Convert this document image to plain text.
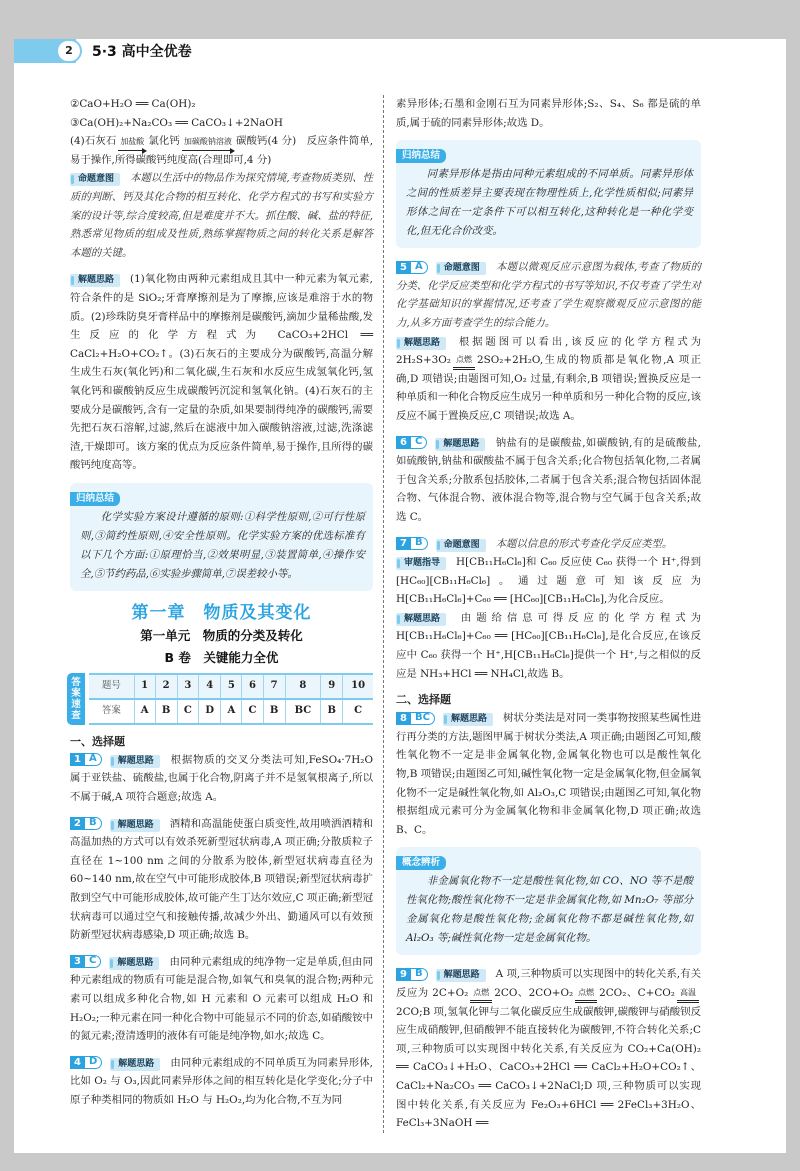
2	5·3 高中全优卷

②CaO+H₂O ══ Ca(OH)₂

③Ca(OH)₂+Na₂CO₃ ══ CaCO₃↓+2NaOH

(4)石灰石 加盐酸 氯化钙 加碳酸钠溶液 碳酸钙(4 分)　反应条件简单,易于操作,所得碳酸钙纯度高(合理即可,4 分)

命题意图 本题以生活中的物品作为探究情境,考查物质类别、性质的判断、钙及其化合物的相互转化、化学方程式的书写和实验方案的设计等,综合度较高,但是难度并不大。抓住酸、碱、盐的特征,熟悉常见物质的组成及性质,熟练掌握物质之间的转化关系是解答本题的关键。

解题思路 (1)氧化物由两种元素组成且其中一种元素为氧元素,符合条件的是 SiO₂;牙膏摩擦剂是为了摩擦,应该是难溶于水的物质。(2)珍珠防臭牙膏样品中的摩擦剂是碳酸钙,滴加少量稀盐酸,发生反应的化学方程式为 CaCO₃+2HCl ══ CaCl₂+H₂O+CO₂↑。(3)石灰石的主要成分为碳酸钙,高温分解生成生石灰(氧化钙)和二氧化碳,生石灰和水反应生成氢氧化钙,氢氧化钙和碳酸钠反应生成碳酸钙沉淀和氢氧化钠。(4)石灰石的主要成分是碳酸钙,含有一定量的杂质,如果要制得纯净的碳酸钙,需要先把石灰石溶解,过滤,然后在滤液中加入碳酸钠溶液,过滤,洗涤滤渣,干燥即可。该方案的优点为反应条件简单,易于操作,且所得的碳酸钙纯度高等。

归纳总结

化学实验方案设计遵循的原则:①科学性原则,②可行性原则,③简约性原则,④安全性原则。化学实验方案的优选标准有以下几个方面:①原理恰当,②效果明显,③装置简单,④操作安全,⑤节约药品,⑥实验步骤简单,⑦误差较小等。

第一章　物质及其变化
第一单元　物质的分类及转化
B 卷　关键能力全优
答
案
速
查
题号	1	2	3	4	5	6	7	8	9	10
答案	A	B	C	D	A	C	B	BC	B	C
一、选择题

1 A	解题思路 根据物质的交叉分类法可知,FeSO₄·7H₂O 属于亚铁盐、硫酸盐,也属于化合物,阴离子并不是氢氧根离子,所以不属于碱,A 项符合题意;故选 A。

2 B	解题思路 酒精和高温能使蛋白质变性,故用喷洒酒精和高温加热的方式可以有效杀死新型冠状病毒,A 项正确;分散质粒子直径在 1~100 nm 之间的分散系为胶体,新型冠状病毒直径为 60~140 nm,故在空气中可能形成胶体,B 项错误;新型冠状病毒扩散到空气中可能形成胶体,故可能产生丁达尔效应,C 项正确;新型冠状病毒可以通过空气和接触传播,故减少外出、勤通风可以有效预防新型冠状病毒感染,D 项正确;故选 B。

3 C	解题思路 由同种元素组成的纯净物一定是单质,但由同种元素组成的物质有可能是混合物,如氧气和臭氧的混合物;两种元素可以组成多种化合物,如 H 元素和 O 元素可以组成 H₂O 和 H₂O₂;一种元素在同一种化合物中可能显示不同的价态,如硝酸铵中的氮元素;澄清透明的液体有可能是纯净物,如水;故选 C。

4 D	解题思路 由同种元素组成的不同单质互为同素异形体,比如 O₂ 与 O₃,因此同素异形体之间的相互转化是化学变化;分子中原子种类相同的物质如 H₂O 与 H₂O₂,均为化合物,不互为同

素异形体;石墨和金刚石互为同素异形体;S₂、S₄、S₆ 都是硫的单质,属于硫的同素异形体;故选 D。

归纳总结

同素异形体是指由同种元素组成的不同单质。同素异形体之间的性质差异主要表现在物理性质上,化学性质相似;同素异形体之间在一定条件下可以相互转化,这种转化是一种化学变化,但无化合价改变。

5 A	命题意图 本题以微观反应示意图为载体,考查了物质的分类、化学反应类型和化学方程式的书写等知识,不仅考查了学生对化学基础知识的掌握情况,还考查了学生观察微观反应示意图的能力,从多方面考查学生的综合能力。

解题思路 根据题图可以看出,该反应的化学方程式为 2H₂S+3O₂ 点燃 2SO₂+2H₂O,生成的物质都是氧化物,A 项正确,D 项错误;由题图可知,O₂ 过量,有剩余,B 项错误;置换反应是一种单质和一种化合物反应生成另一种单质和另一种化合物的反应,该反应不属于置换反应,C 项错误;故选 A。

6 C	解题思路 钠盐有的是碳酸盐,如碳酸钠,有的是硫酸盐,如硫酸钠,钠盐和碳酸盐不属于包含关系;化合物包括氧化物,二者属于包含关系;分散系包括胶体,二者属于包含关系;混合物包括固体混合物、气体混合物、液体混合物等,混合物与空气属于包含关系;故选 C。

7 B	命题意图 本题以信息的形式考查化学反应类型。

审题指导 H[CB₁₁H₆Cl₆]和 C₆₀ 反应使 C₆₀ 获得一个 H⁺,得到[HC₆₀][CB₁₁H₆Cl₆]。通过题意可知该反应为 H[CB₁₁H₆Cl₆]+C₆₀ ══ [HC₆₀][CB₁₁H₆Cl₆],为化合反应。

解题思路 由题给信息可得反应的化学方程式为H[CB₁₁H₆Cl₆]+C₆₀ ══ [HC₆₀][CB₁₁H₆Cl₆],是化合反应,在该反应中 C₆₀ 获得一个 H⁺,H[CB₁₁H₆Cl₆]提供一个 H⁺,与之相似的反应是 NH₃+HCl ══ NH₄Cl,故选 B。

二、选择题

8 BC	解题思路 树状分类法是对同一类事物按照某些属性进行再分类的方法,题图甲属于树状分类法,A 项正确;由题图乙可知,酸性氧化物不一定是非金属氧化物,金属氧化物也可以是酸性氧化物,B 项错误;由题图乙可知,碱性氧化物一定是金属氧化物,但金属氧化物不一定是碱性氧化物,如 Al₂O₃,C 项错误;由题图乙可知,氧化物根据组成元素可分为金属氧化物和非金属氧化物,D 项正确;故选 B、C。

概念辨析

非金属氧化物不一定是酸性氧化物,如 CO、NO 等不是酸性氧化物;酸性氧化物不一定是非金属氧化物,如 Mn₂O₇ 等部分金属氧化物是酸性氧化物;金属氧化物不都是碱性氧化物,如 Al₂O₃ 等;碱性氧化物一定是金属氧化物。

9 B	解题思路 A 项,三种物质可以实现图中的转化关系,有关反应为 2C+O₂ 点燃 2CO、2CO+O₂ 点燃 2CO₂、C+CO₂ 高温
2CO;B 项,氢氧化钾与二氧化碳反应生成碳酸钾,碳酸钾与硝酸钡反应生成硝酸钾,但硝酸钾不能直接转化为碳酸钾,不符合转化关系;C 项,三种物质可以实现图中转化关系,有关反应为 CO₂+Ca(OH)₂ ══ CaCO₃↓+H₂O、CaCO₃+2HCl ══ CaCl₂+H₂O+CO₂↑、CaCl₂+Na₂CO₃ ══ CaCO₃↓+2NaCl;D 项,三种物质可以实现图中转化关系,有关反应为 Fe₂O₃+6HCl ══ 2FeCl₃+3H₂O、FeCl₃+3NaOH ══
